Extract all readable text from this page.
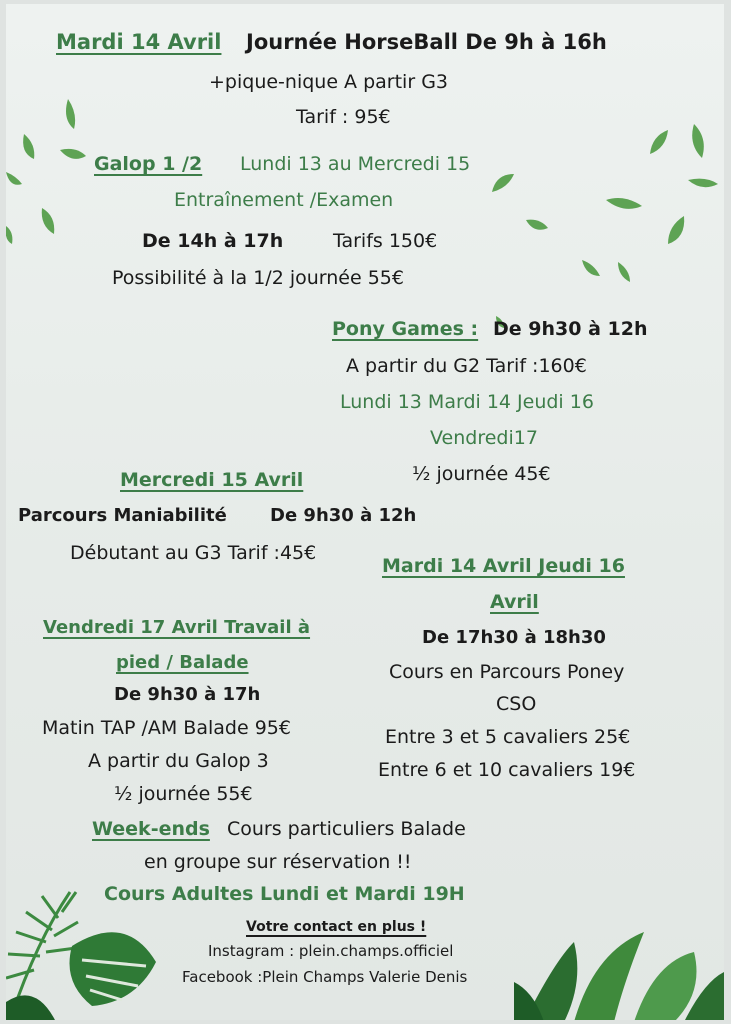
Mardi 14 Avril Journée HorseBall De 9h à 16h
+pique-nique A partir G3
Tarif : 95€
Galop 1 /2 Lundi 13 au Mercredi 15
Entraînement /Examen
De 14h à 17h	Tarifs 150€
Possibilité à la 1/2 journée 55€
Pony Games : De 9h30 à 12h
A partir du G2 Tarif :160€
Lundi 13 Mardi 14 Jeudi 16
Vendredi17
½ journée 45€
Mercredi 15 Avril
Parcours Maniabilité De 9h30 à 12h
Débutant au G3 Tarif :45€
Mardi 14 Avril Jeudi 16
Avril
De 17h30 à 18h30
Cours en Parcours Poney
CSO
Entre 3 et 5 cavaliers 25€
Entre 6 et 10 cavaliers 19€
Vendredi 17 Avril Travail à
pied / Balade
De 9h30 à 17h
Matin TAP /AM Balade 95€
A partir du Galop 3
½ journée 55€
Week-ends Cours particuliers Balade
en groupe sur réservation !!
Cours Adultes Lundi et Mardi 19H
Votre contact en plus !
Instagram : plein.champs.officiel
Facebook :Plein Champs Valerie Denis
